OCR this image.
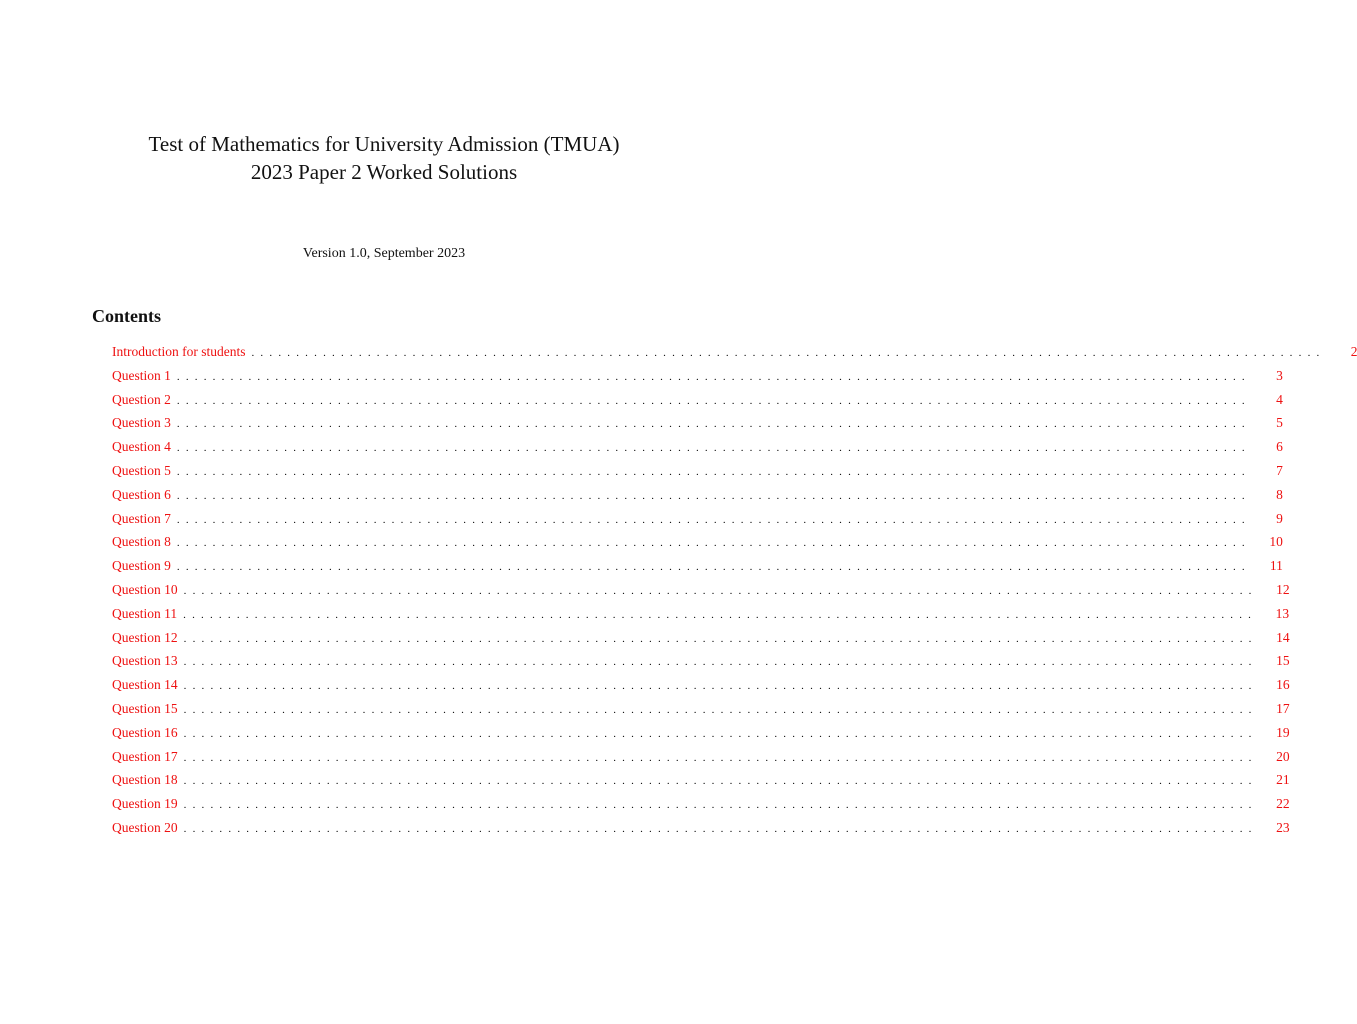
Test of Mathematics for University Admission (TMUA)
2023 Paper 2 Worked Solutions
Version 1.0, September 2023
Contents
Introduction for students ........................................................................................................................	2
Question 1 ........................................................................................................................	3
Question 2 ........................................................................................................................	4
Question 3 ........................................................................................................................	5
Question 4 ........................................................................................................................	6
Question 5 ........................................................................................................................	7
Question 6 ........................................................................................................................	8
Question 7 ........................................................................................................................	9
Question 8 ........................................................................................................................	10
Question 9 ........................................................................................................................	11
Question 10 ........................................................................................................................	12
Question 11 ........................................................................................................................	13
Question 12 ........................................................................................................................	14
Question 13 ........................................................................................................................	15
Question 14 ........................................................................................................................	16
Question 15 ........................................................................................................................	17
Question 16 ........................................................................................................................	19
Question 17 ........................................................................................................................	20
Question 18 ........................................................................................................................	21
Question 19 ........................................................................................................................	22
Question 20 ........................................................................................................................	23
